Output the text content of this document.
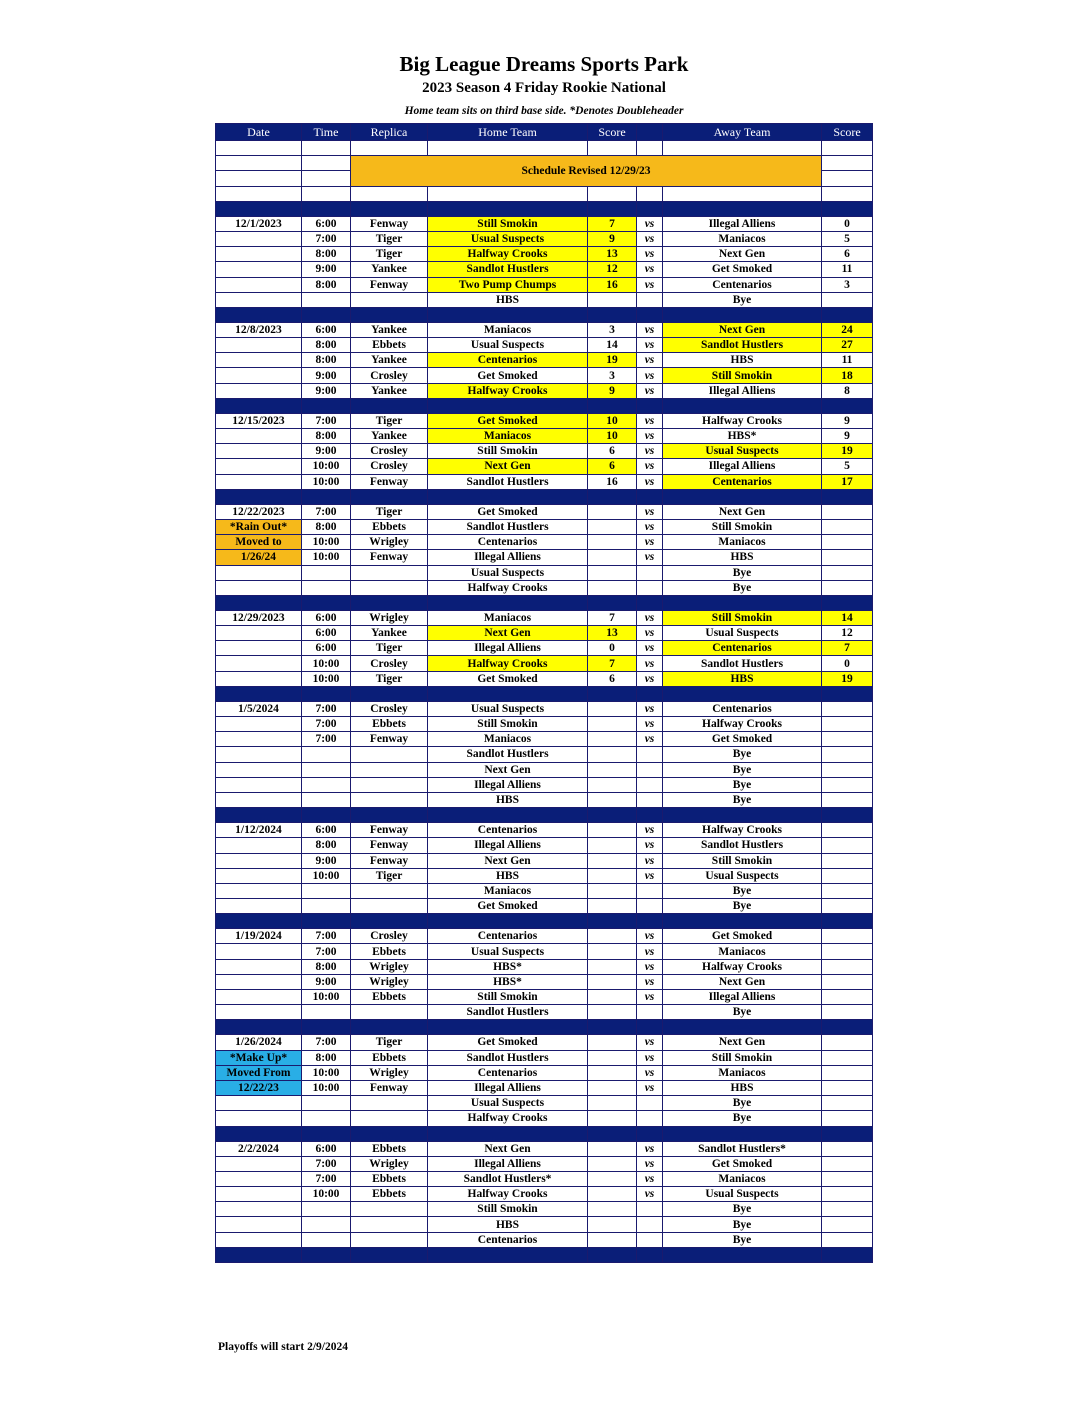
Big League Dreams Sports Park
2023 Season 4 Friday Rookie National
Home team sits on third base side. *Denotes Doubleheader
Date	Time	Replica	Home Team	Score		Away Team	Score

		Schedule Revised 12/29/23					

12/1/2023	6:00	Fenway	Still Smokin	7	vs	Illegal Alliens	0
	7:00	Tiger	Usual Suspects	9	vs	Maniacos	5
	8:00	Tiger	Halfway Crooks	13	vs	Next Gen	6
	9:00	Yankee	Sandlot Hustlers	12	vs	Get Smoked	11
	8:00	Fenway	Two Pump Chumps	16	vs	Centenarios	3
			HBS			Bye	

12/8/2023	6:00	Yankee	Maniacos	3	vs	Next Gen	24
	8:00	Ebbets	Usual Suspects	14	vs	Sandlot Hustlers	27
	8:00	Yankee	Centenarios	19	vs	HBS	11
	9:00	Crosley	Get Smoked	3	vs	Still Smokin	18
	9:00	Yankee	Halfway Crooks	9	vs	Illegal Alliens	8

12/15/2023	7:00	Tiger	Get Smoked	10	vs	Halfway Crooks	9
	8:00	Yankee	Maniacos	10	vs	HBS*	9
	9:00	Crosley	Still Smokin	6	vs	Usual Suspects	19
	10:00	Crosley	Next Gen	6	vs	Illegal Alliens	5
	10:00	Fenway	Sandlot Hustlers	16	vs	Centenarios	17

12/22/2023	7:00	Tiger	Get Smoked		vs	Next Gen	
*Rain Out*	8:00	Ebbets	Sandlot Hustlers		vs	Still Smokin	
Moved to	10:00	Wrigley	Centenarios		vs	Maniacos	
1/26/24	10:00	Fenway	Illegal Alliens		vs	HBS	
			Usual Suspects			Bye	
			Halfway Crooks			Bye	

12/29/2023	6:00	Wrigley	Maniacos	7	vs	Still Smokin	14
	6:00	Yankee	Next Gen	13	vs	Usual Suspects	12
	6:00	Tiger	Illegal Alliens	0	vs	Centenarios	7
	10:00	Crosley	Halfway Crooks	7	vs	Sandlot Hustlers	0
	10:00	Tiger	Get Smoked	6	vs	HBS	19

1/5/2024	7:00	Crosley	Usual Suspects		vs	Centenarios	
	7:00	Ebbets	Still Smokin		vs	Halfway Crooks	
	7:00	Fenway	Maniacos		vs	Get Smoked	
			Sandlot Hustlers			Bye	
			Next Gen			Bye	
			Illegal Alliens			Bye	
			HBS			Bye	

1/12/2024	6:00	Fenway	Centenarios		vs	Halfway Crooks	
	8:00	Fenway	Illegal Alliens		vs	Sandlot Hustlers	
	9:00	Fenway	Next Gen		vs	Still Smokin	
	10:00	Tiger	HBS		vs	Usual Suspects	
			Maniacos			Bye	
			Get Smoked			Bye	

1/19/2024	7:00	Crosley	Centenarios		vs	Get Smoked	
	7:00	Ebbets	Usual Suspects		vs	Maniacos	
	8:00	Wrigley	HBS*		vs	Halfway Crooks	
	9:00	Wrigley	HBS*		vs	Next Gen	
	10:00	Ebbets	Still Smokin		vs	Illegal Alliens	
			Sandlot Hustlers			Bye	

1/26/2024	7:00	Tiger	Get Smoked		vs	Next Gen	
*Make Up*	8:00	Ebbets	Sandlot Hustlers		vs	Still Smokin	
Moved From	10:00	Wrigley	Centenarios		vs	Maniacos	
12/22/23	10:00	Fenway	Illegal Alliens		vs	HBS	
			Usual Suspects			Bye	
			Halfway Crooks			Bye	

2/2/2024	6:00	Ebbets	Next Gen		vs	Sandlot Hustlers*	
	7:00	Wrigley	Illegal Alliens		vs	Get Smoked	
	7:00	Ebbets	Sandlot Hustlers*		vs	Maniacos	
	10:00	Ebbets	Halfway Crooks		vs	Usual Suspects	
			Still Smokin			Bye	
			HBS			Bye	
			Centenarios			Bye	

Playoffs will start 2/9/2024
